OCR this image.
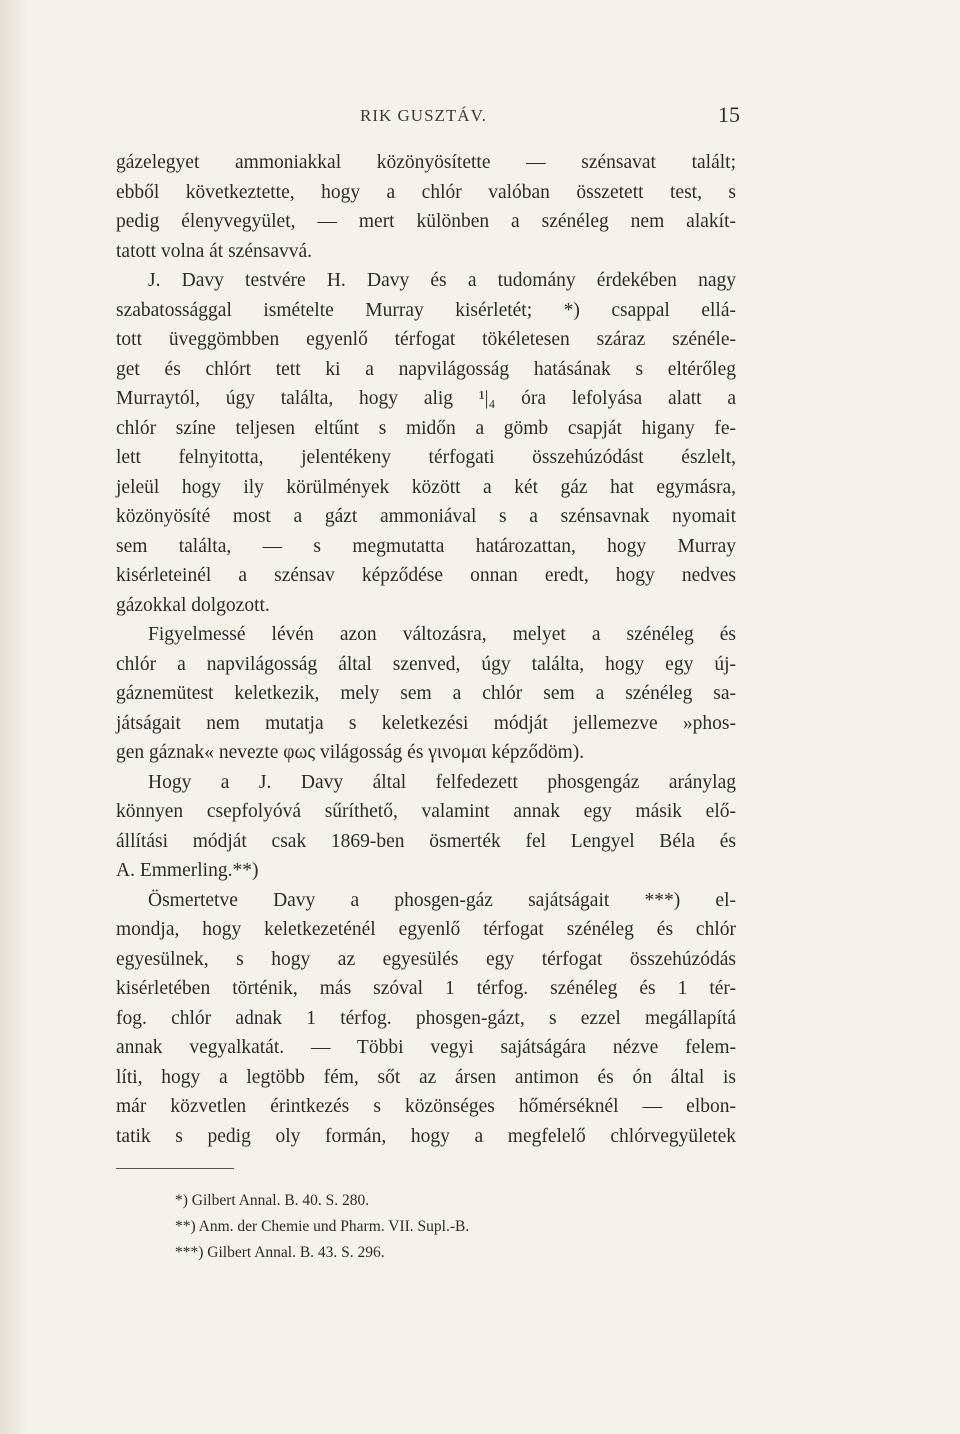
RIK GUSZTÁV.	15
gázelegyet ammoniakkal közönyösítette — szénsavat talált;
ebből következtette, hogy a chlór valóban összetett test, s
pedig élenyvegyület, — mert különben a szénéleg nem alakít-
tatott volna át szénsavvá.
J. Davy testvére H. Davy és a tudomány érdekében nagy
szabatossággal ismételte Murray kisérletét; *) csappal ellá-
tott üveggömbben egyenlő térfogat tökéletesen száraz szénéle-
get és chlórt tett ki a napvilágosság hatásának s eltérőleg
Murraytól, úgy találta, hogy alig ¹|₄ óra lefolyása alatt a
chlór színe teljesen eltűnt s midőn a gömb csapját higany fe-
lett felnyitotta, jelentékeny térfogati összehúzódást észlelt,
jeleül hogy ily körülmények között a két gáz hat egymásra,
közönyösíté most a gázt ammoniával s a szénsavnak nyomait
sem találta, — s megmutatta határozattan, hogy Murray
kisérleteinél a szénsav képződése onnan eredt, hogy nedves
gázokkal dolgozott.
Figyelmessé lévén azon változásra, melyet a szénéleg és
chlór a napvilágosság által szenved, úgy találta, hogy egy új-
gáznemütest keletkezik, mely sem a chlór sem a szénéleg sa-
játságait nem mutatja s keletkezési módját jellemezve »phos-
gen gáznak« nevezte φως világosság és γινομαι képződöm).
Hogy a J. Davy által felfedezett phosgengáz aránylag
könnyen csepfolyóvá sűríthető, valamint annak egy másik elő-
állítási módját csak 1869-ben ösmerték fel Lengyel Béla és
A. Emmerling.**)
Ösmertetve Davy a phosgen-gáz sajátságait ***) el-
mondja, hogy keletkezeténél egyenlő térfogat szénéleg és chlór
egyesülnek, s hogy az egyesülés egy térfogat összehúzódás
kisérletében történik, más szóval 1 térfog. szénéleg és 1 tér-
fog. chlór adnak 1 térfog. phosgen-gázt, s ezzel megállapítá
annak vegyalkatát. — Többi vegyi sajátságára nézve felem-
líti, hogy a legtöbb fém, sőt az ársen antimon és ón által is
már közvetlen érintkezés s közönséges hőmérséknél — elbon-
tatik s pedig oly formán, hogy a megfelelő chlórvegyületek
*) Gilbert Annal. B. 40. S. 280.
**) Anm. der Chemie und Pharm. VII. Supl.-B.
***) Gilbert Annal. B. 43. S. 296.
